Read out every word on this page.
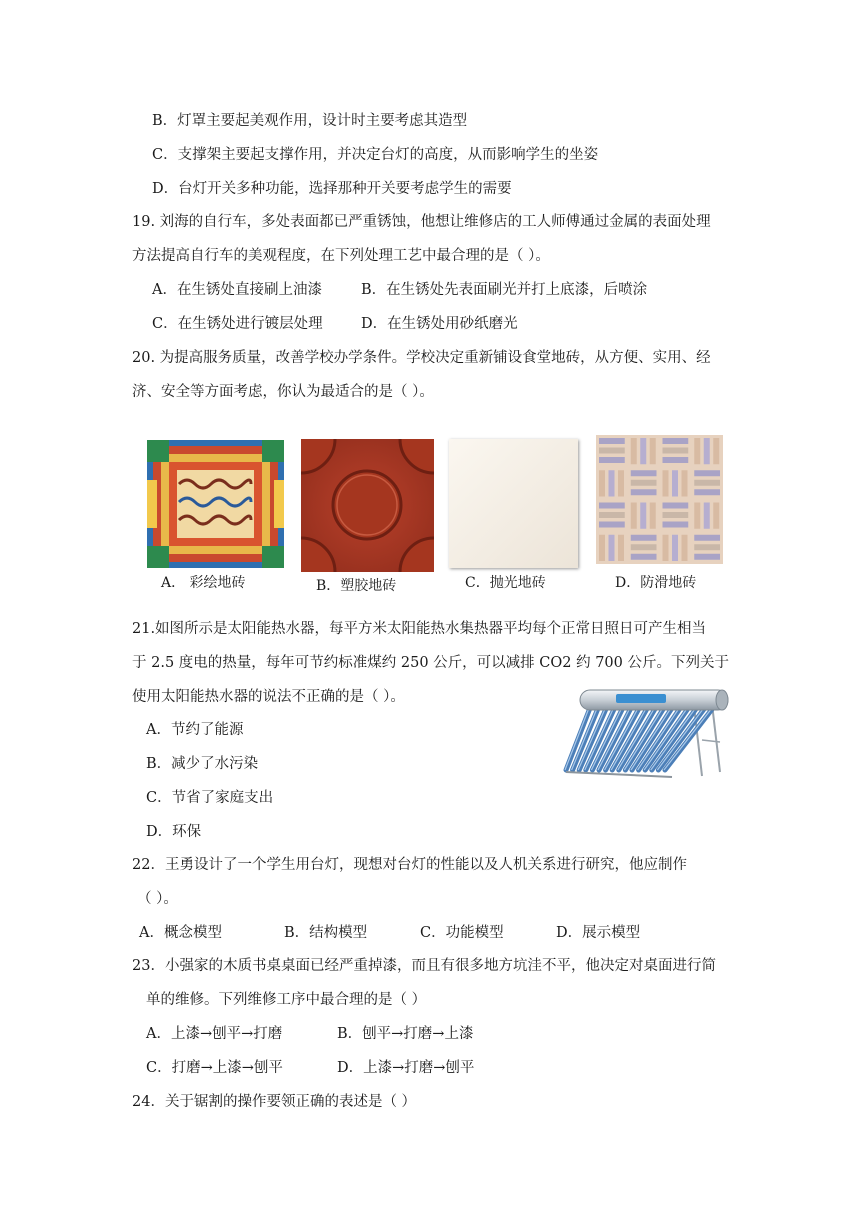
B．灯罩主要起美观作用，设计时主要考虑其造型
C．支撑架主要起支撑作用，并决定台灯的高度，从而影响学生的坐姿
D．台灯开关多种功能，选择那种开关要考虑学生的需要
19. 刘海的自行车，多处表面都已严重锈蚀，他想让维修店的工人师傅通过金属的表面处理
方法提高自行车的美观程度，在下列处理工艺中最合理的是（ ）。
A．在生锈处直接刷上油漆	B．在生锈处先表面刷光并打上底漆，后喷涂
C．在生锈处进行镀层处理	D．在生锈处用砂纸磨光
20. 为提高服务质量，改善学校办学条件。学校决定重新铺设食堂地砖，从方便、实用、经
济、安全等方面考虑，你认为最适合的是（ ）。
A． 彩绘地砖	B．塑胶地砖	C．抛光地砖	D．防滑地砖
21.如图所示是太阳能热水器，每平方米太阳能热水集热器平均每个正常日照日可产生相当
于 2.5 度电的热量，每年可节约标准煤约 250 公斤，可以减排 CO2 约 700 公斤。下列关于
使用太阳能热水器的说法不正确的是（ ）。
A．节约了能源
B．减少了水污染
C．节省了家庭支出
D．环保
22．王勇设计了一个学生用台灯，现想对台灯的性能以及人机关系进行研究，他应制作
（ ）。
A．概念模型	B．结构模型	C．功能模型	D．展示模型
23．小强家的木质书桌桌面已经严重掉漆，而且有很多地方坑洼不平，他决定对桌面进行简
单的维修。下列维修工序中最合理的是（ ）
A．上漆→刨平→打磨	B．刨平→打磨→上漆
C．打磨→上漆→刨平	D．上漆→打磨→刨平
24．关于锯割的操作要领正确的表述是（ ）
